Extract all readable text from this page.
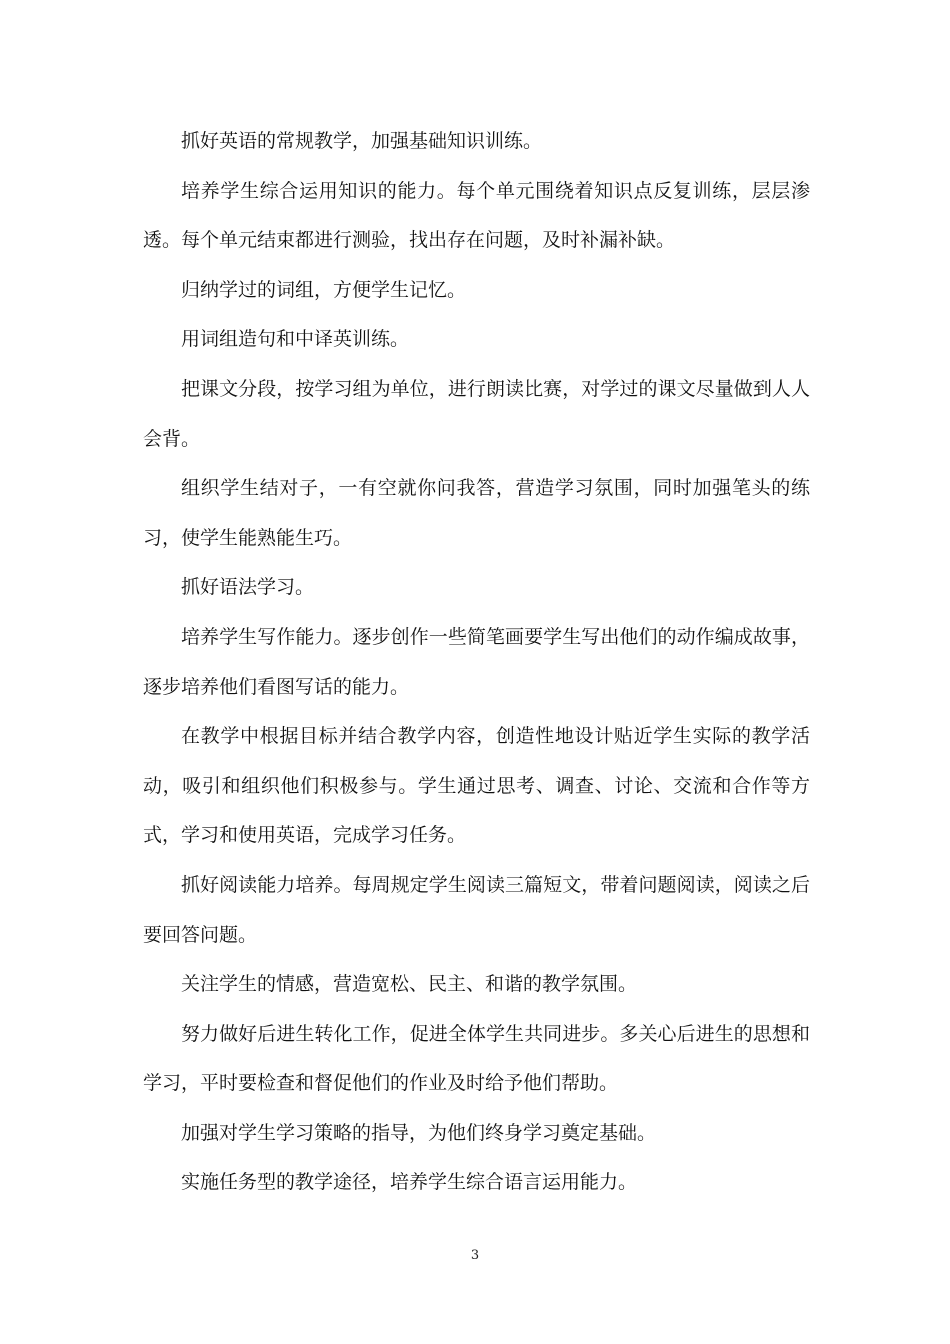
抓好英语的常规教学，加强基础知识训练。

培养学生综合运用知识的能力。每个单元围绕着知识点反复训练，层层渗透。每个单元结束都进行测验，找出存在问题，及时补漏补缺。

归纳学过的词组，方便学生记忆。

用词组造句和中译英训练。

把课文分段，按学习组为单位，进行朗读比赛，对学过的课文尽量做到人人会背。

组织学生结对子，一有空就你问我答，营造学习氛围，同时加强笔头的练习，使学生能熟能生巧。

抓好语法学习。

培养学生写作能力。逐步创作一些简笔画要学生写出他们的动作编成故事，逐步培养他们看图写话的能力。

在教学中根据目标并结合教学内容，创造性地设计贴近学生实际的教学活动，吸引和组织他们积极参与。学生通过思考、调查、讨论、交流和合作等方式，学习和使用英语，完成学习任务。

抓好阅读能力培养。每周规定学生阅读三篇短文，带着问题阅读，阅读之后要回答问题。

关注学生的情感，营造宽松、民主、和谐的教学氛围。

努力做好后进生转化工作，促进全体学生共同进步。多关心后进生的思想和学习，平时要检查和督促他们的作业及时给予他们帮助。

加强对学生学习策略的指导，为他们终身学习奠定基础。

实施任务型的教学途径，培养学生综合语言运用能力。

3
